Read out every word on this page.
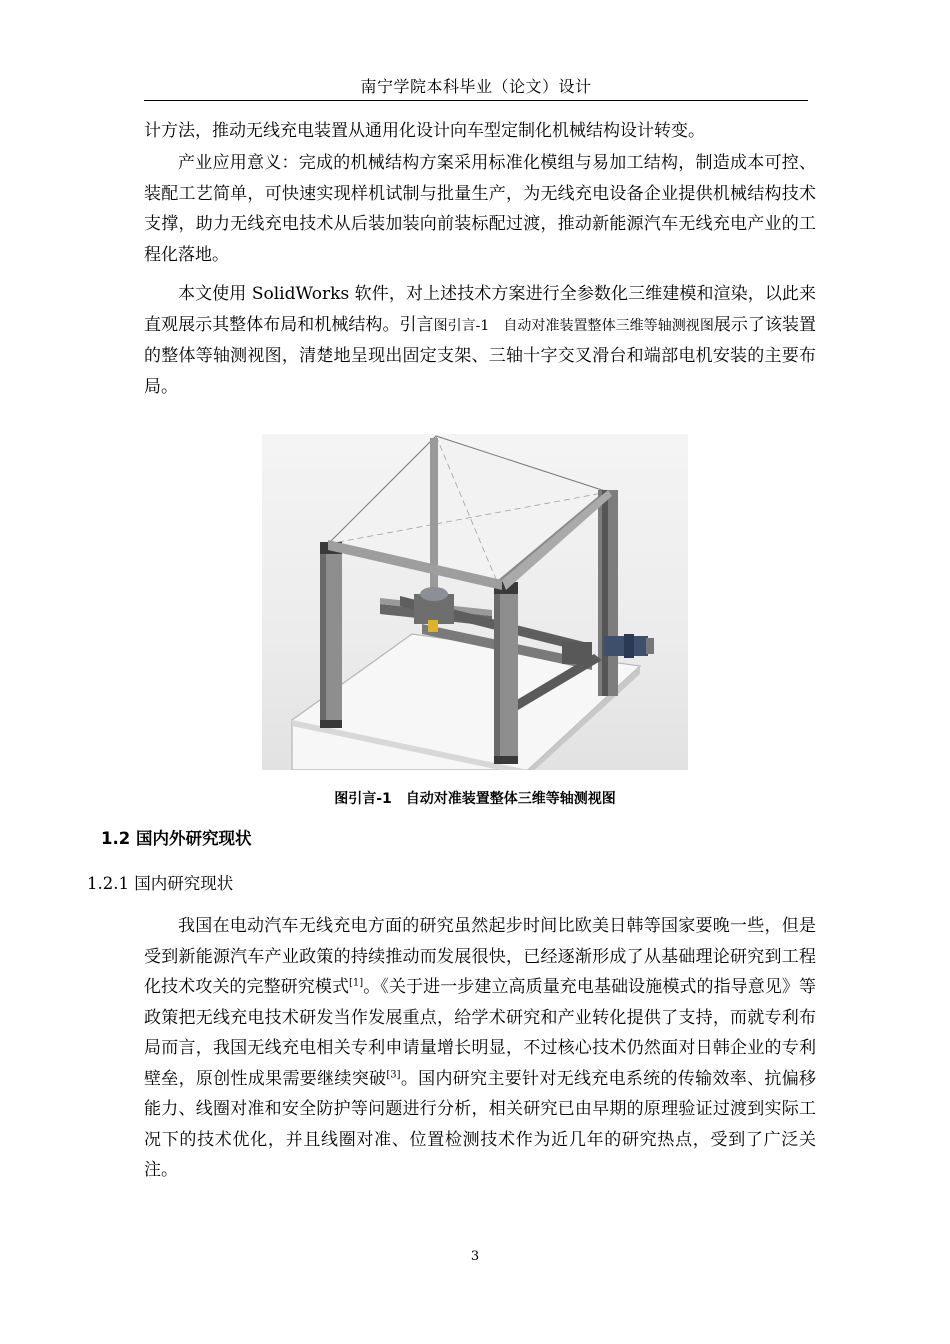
南宁学院本科毕业（论文）设计

计方法，推动无线充电装置从通用化设计向车型定制化机械结构设计转变。

产业应用意义：完成的机械结构方案采用标准化模组与易加工结构，制造成本可控、装配工艺简单，可快速实现样机试制与批量生产，为无线充电设备企业提供机械结构技术支撑，助力无线充电技术从后装加装向前装标配过渡，推动新能源汽车无线充电产业的工程化落地。

本文使用 SolidWorks 软件，对上述技术方案进行全参数化三维建模和渲染，以此来直观展示其整体布局和机械结构。引言图引言-1　自动对准装置整体三维等轴测视图展示了该装置的整体等轴测视图，清楚地呈现出固定支架、三轴十字交叉滑台和端部电机安装的主要布局。

图引言-1　自动对准装置整体三维等轴测视图
1.2 国内外研究现状
1.2.1 国内研究现状

我国在电动汽车无线充电方面的研究虽然起步时间比欧美日韩等国家要晚一些，但是受到新能源汽车产业政策的持续推动而发展很快，已经逐渐形成了从基础理论研究到工程化技术攻关的完整研究模式[1]。《关于进一步建立高质量充电基础设施模式的指导意见》等政策把无线充电技术研发当作发展重点，给学术研究和产业转化提供了支持，而就专利布局而言，我国无线充电相关专利申请量增长明显，不过核心技术仍然面对日韩企业的专利壁垒，原创性成果需要继续突破[3]。国内研究主要针对无线充电系统的传输效率、抗偏移能力、线圈对准和安全防护等问题进行分析，相关研究已由早期的原理验证过渡到实际工况下的技术优化，并且线圈对准、位置检测技术作为近几年的研究热点，受到了广泛关注。

3
